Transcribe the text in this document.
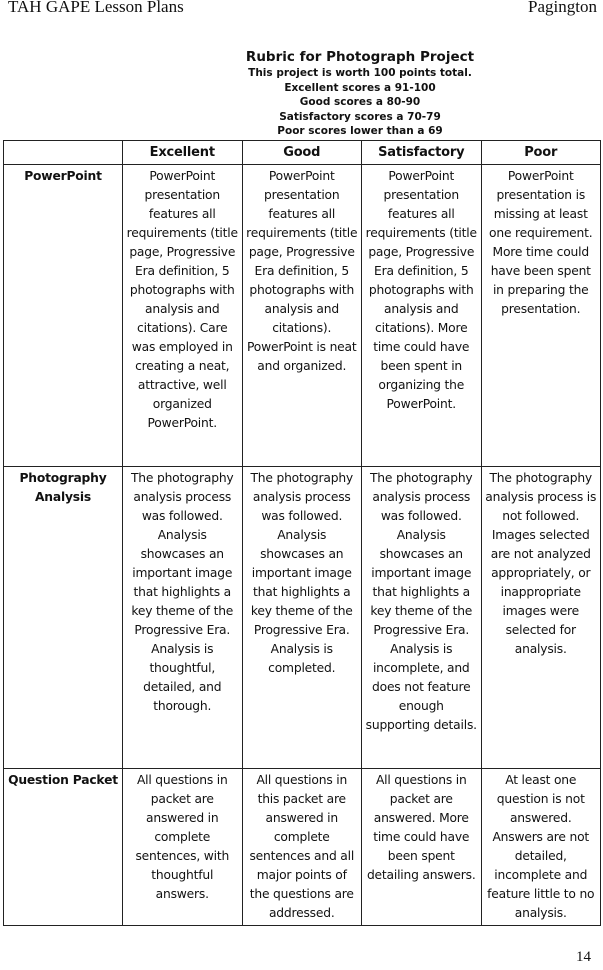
TAH GAPE Lesson Plans	Pagington
Rubric for Photograph Project
This project is worth 100 points total.
Excellent scores a 91-100
Good scores a 80-90
Satisfactory scores a 70-79
Poor scores lower than a 69
	Excellent	Good	Satisfactory	Poor
PowerPoint	PowerPoint presentation features all requirements (title page, Progressive Era definition, 5 photographs with analysis and citations). Care was employed in creating a neat, attractive, well organized PowerPoint.	PowerPoint presentation features all requirements (title page, Progressive Era definition, 5 photographs with analysis and citations). PowerPoint is neat and organized.	PowerPoint presentation features all requirements (title page, Progressive Era definition, 5 photographs with analysis and citations). More time could have been spent in organizing the PowerPoint.	PowerPoint presentation is missing at least one requirement. More time could have been spent in preparing the presentation.
Photography Analysis	The photography analysis process was followed. Analysis showcases an important image that highlights a key theme of the Progressive Era. Analysis is thoughtful, detailed, and thorough.	The photography analysis process was followed. Analysis showcases an important image that highlights a key theme of the Progressive Era. Analysis is completed.	The photography analysis process was followed. Analysis showcases an important image that highlights a key theme of the Progressive Era. Analysis is incomplete, and does not feature enough supporting details.	The photography analysis process is not followed. Images selected are not analyzed appropriately, or inappropriate images were selected for analysis.
Question Packet	All questions in packet are answered in complete sentences, with thoughtful answers.	All questions in this packet are answered in complete sentences and all major points of the questions are addressed.	All questions in packet are answered. More time could have been spent detailing answers.	At least one question is not answered. Answers are not detailed, incomplete and feature little to no analysis.
14
